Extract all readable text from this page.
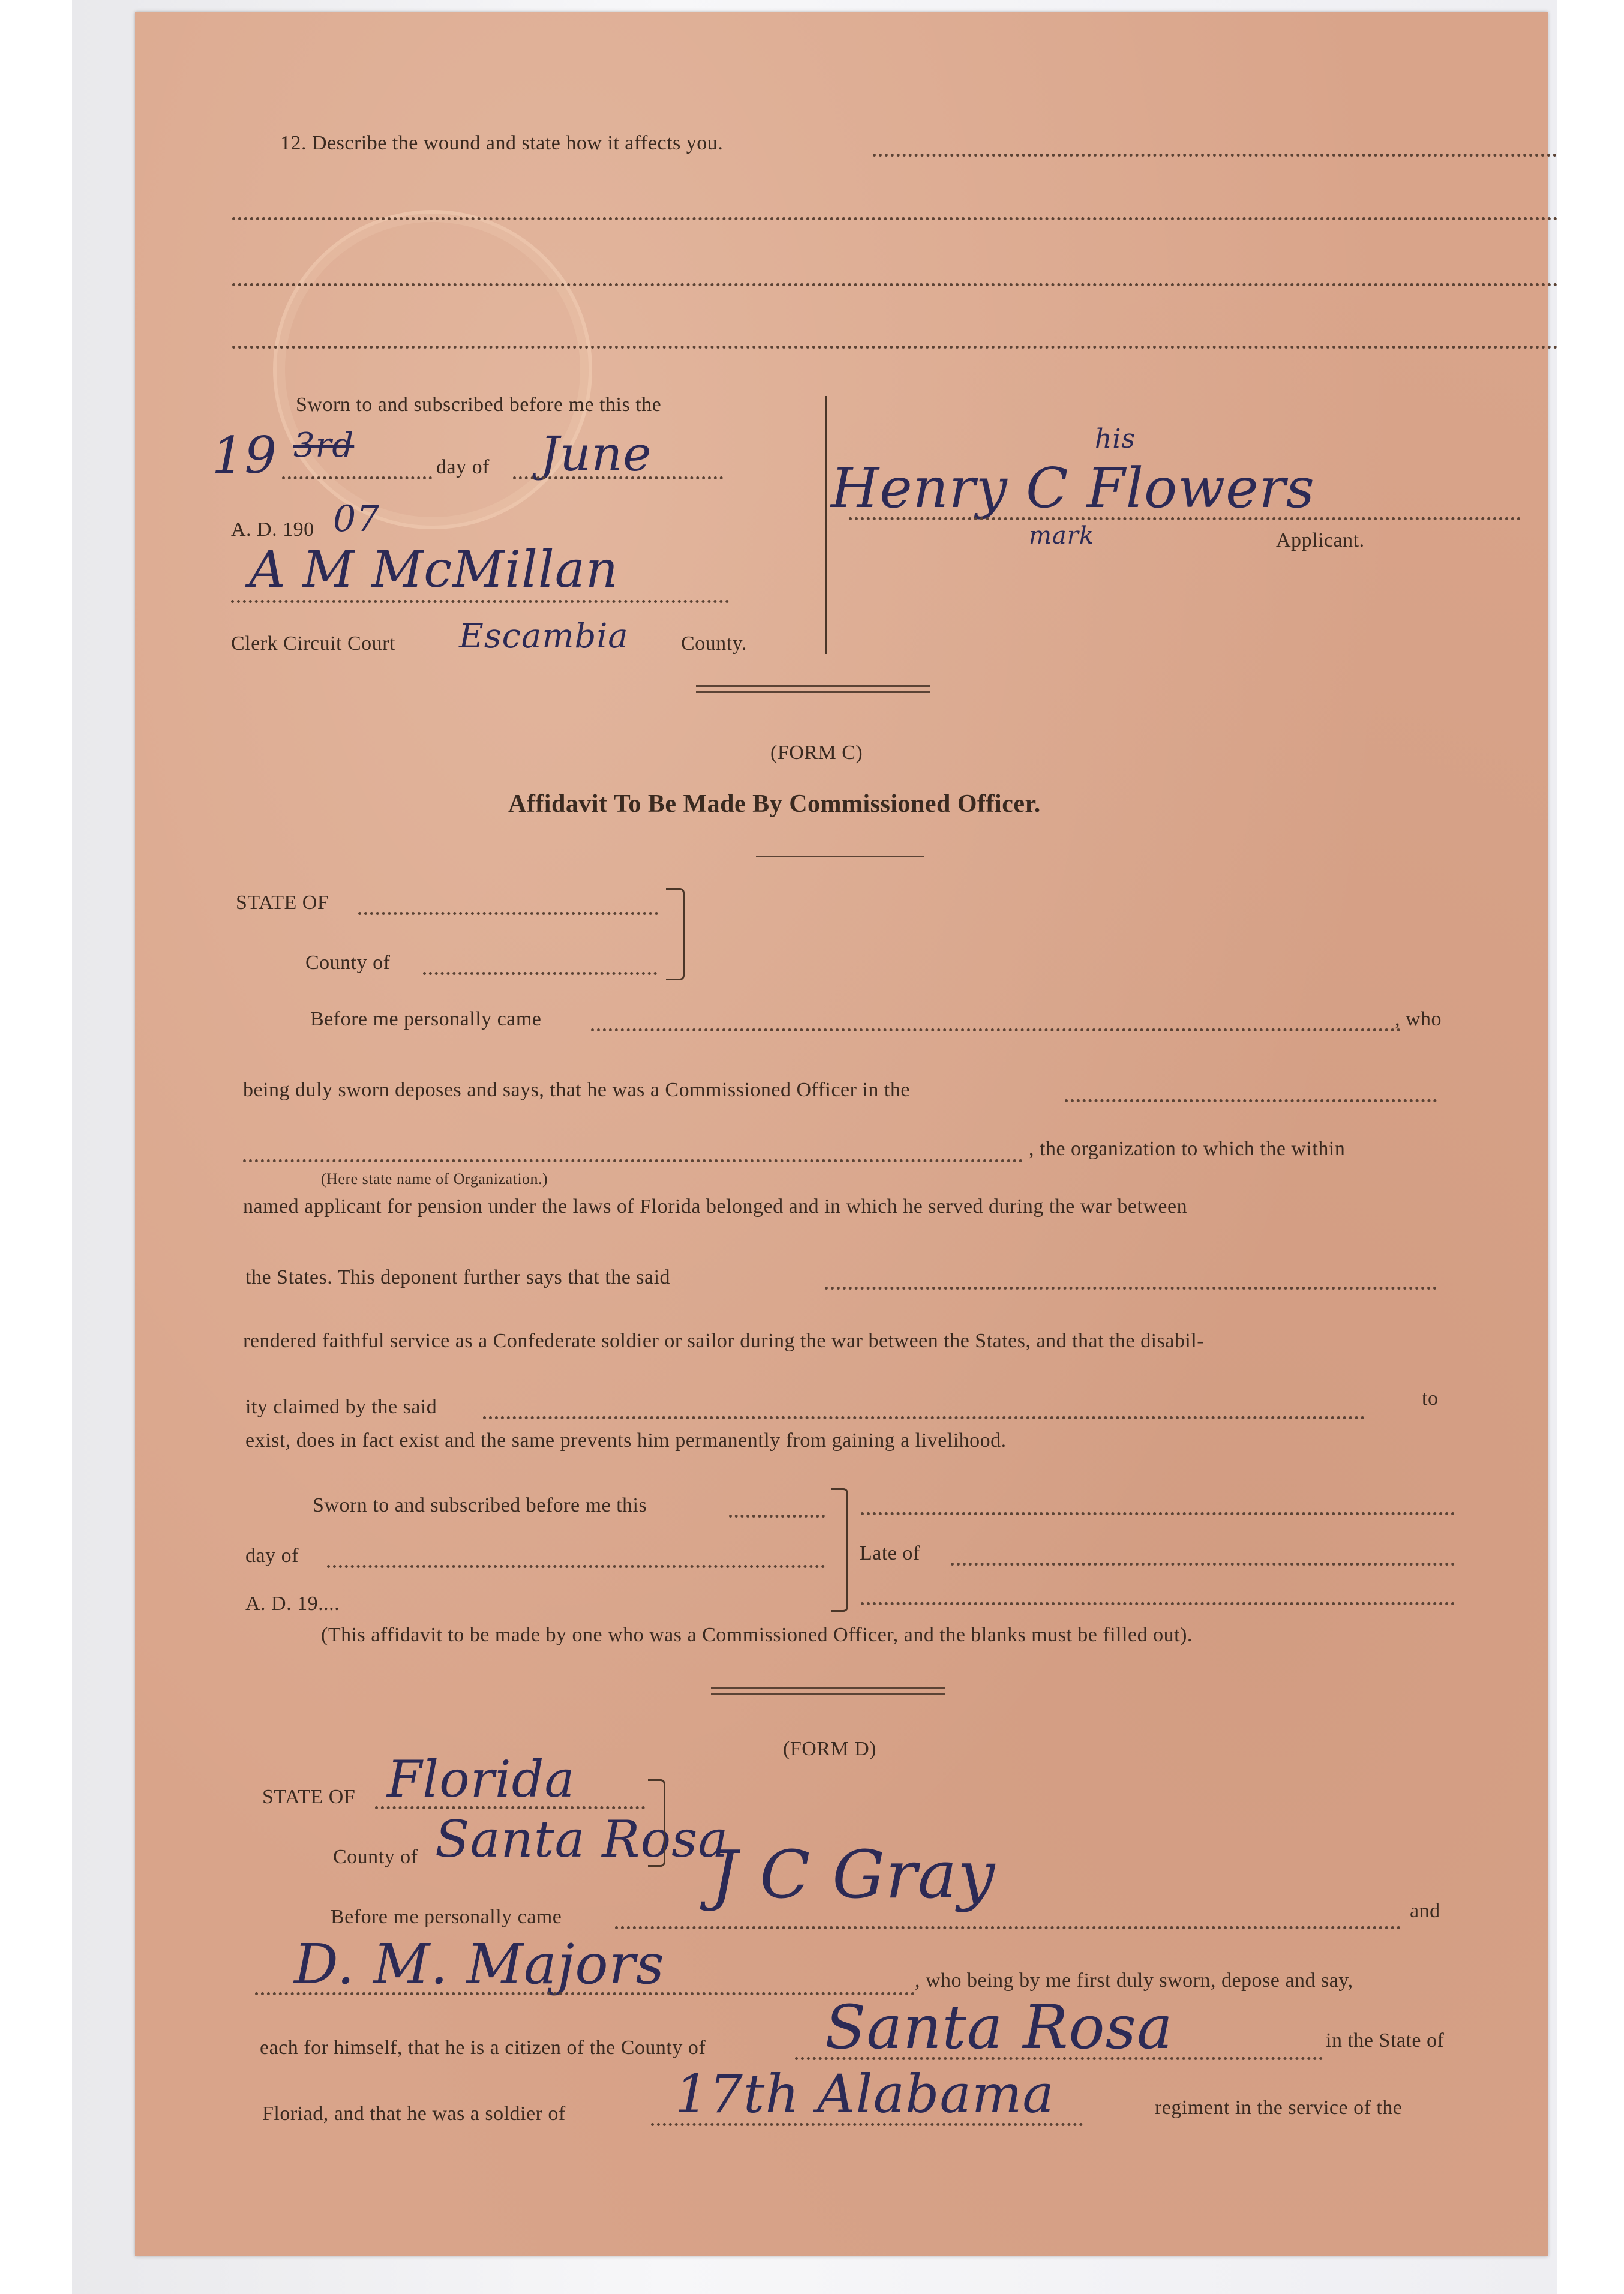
12. Describe the wound and state how it affects you.
Sworn to and subscribed before me this the
19 3rd
day of June
A. D. 190 07
A M McMillan
Clerk Circuit Court Escambia	County.
his
Henry C Flowers
mark	Applicant.
(FORM C)
Affidavit To Be Made By Commissioned Officer.
STATE OF
County of
Before me personally came	, who
being duly sworn deposes and says, that he was a Commissioned Officer in the
, the organization to which the within
(Here state name of Organization.)
named applicant for pension under the laws of Florida belonged and in which he served during the war between
the States. This deponent further says that the said
rendered faithful service as a Confederate soldier or sailor during the war between the States, and that the disabil-
ity claimed by the said	to
exist, does in fact exist and the same prevents him permanently from gaining a livelihood.
Sworn to and subscribed before me this
day of
A. D. 19....
Late of
(This affidavit to be made by one who was a Commissioned Officer, and the blanks must be filled out).
(FORM D)
STATE OF Florida
County of Santa Rosa
Before me personally came
J C Gray	and
D. M. Majors	, who being by me first duly sworn, depose and say,
each for himself, that he is a citizen of the County of Santa Rosa	in the State of
Floriad, and that he was a soldier of 17th Alabama	regiment in the service of the
